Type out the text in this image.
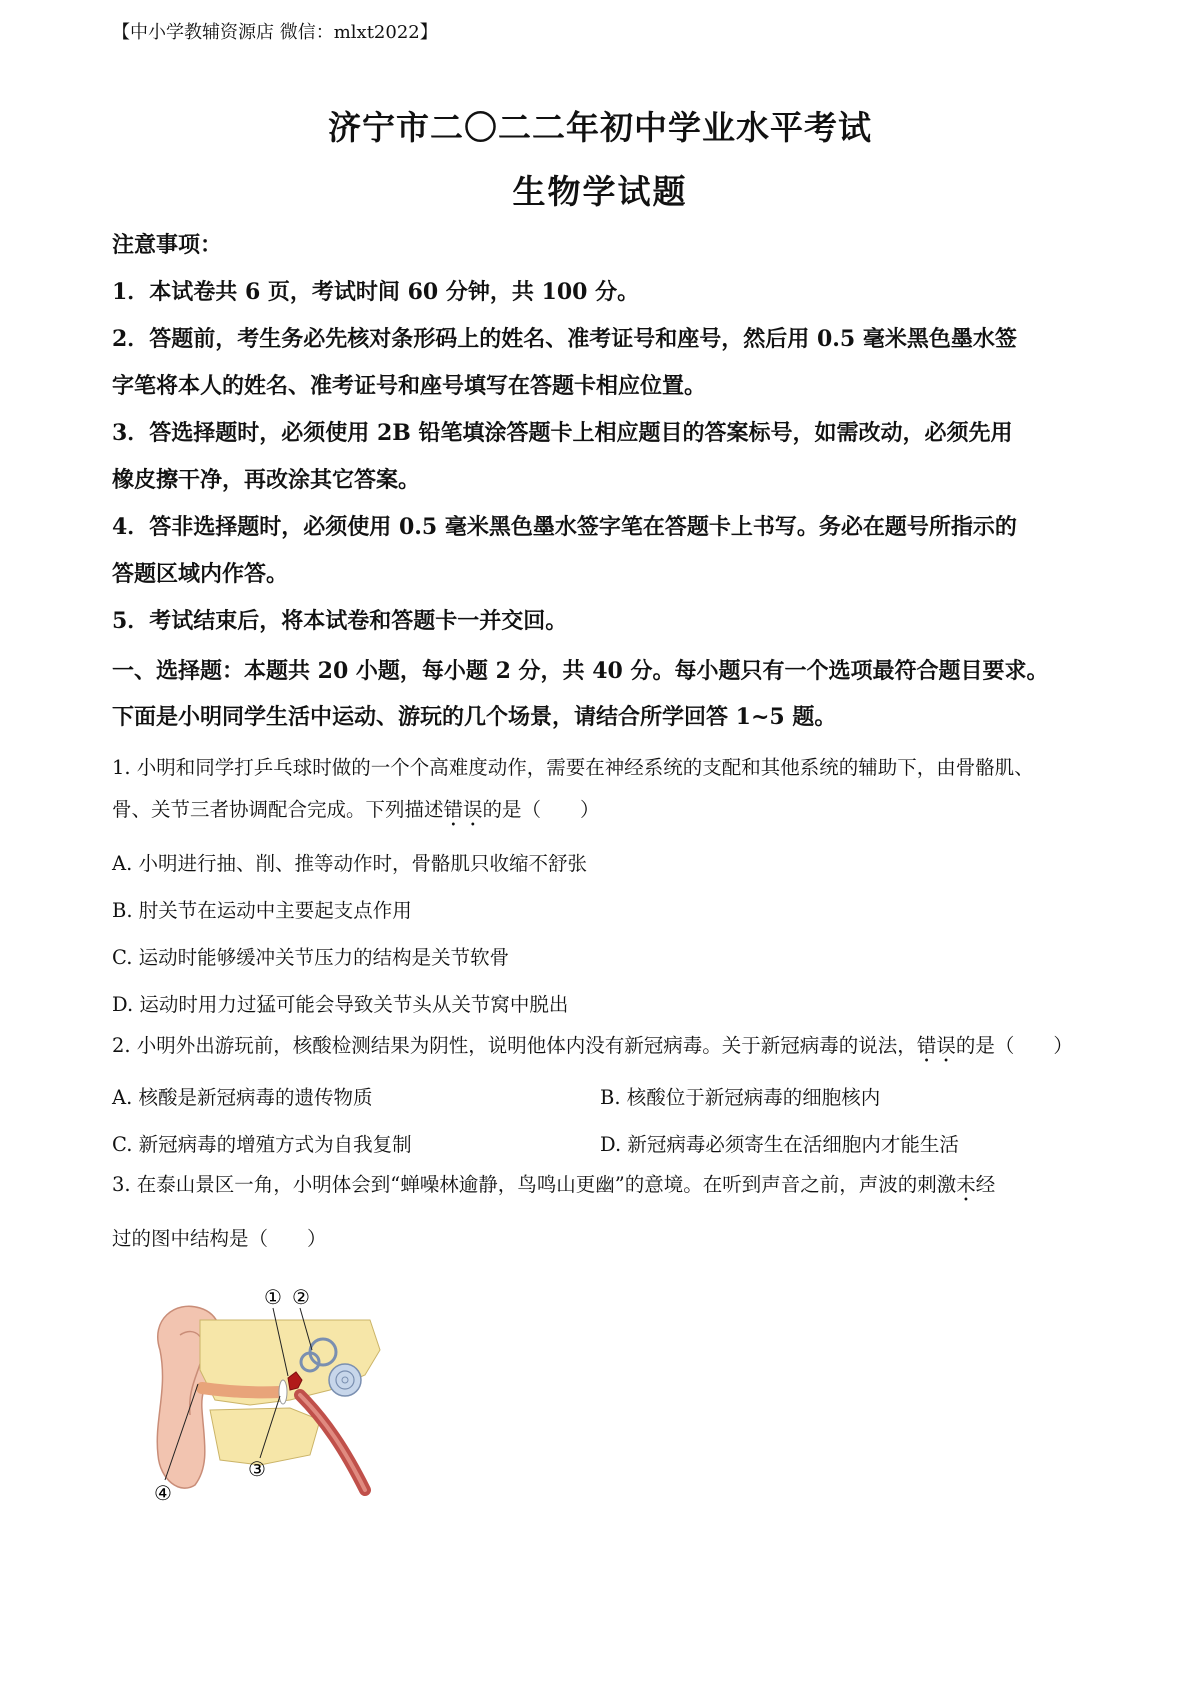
【中小学教辅资源店 微信：mlxt2022】
济宁市二〇二二年初中学业水平考试
生物学试题

注意事项：

1．本试卷共 6 页，考试时间 60 分钟，共 100 分。

2．答题前，考生务必先核对条形码上的姓名、准考证号和座号，然后用 0.5 毫米黑色墨水签

字笔将本人的姓名、准考证号和座号填写在答题卡相应位置。

3．答选择题时，必须使用 2B 铅笔填涂答题卡上相应题目的答案标号，如需改动，必须先用

橡皮擦干净，再改涂其它答案。

4．答非选择题时，必须使用 0.5 毫米黑色墨水签字笔在答题卡上书写。务必在题号所指示的

答题区域内作答。

5．考试结束后，将本试卷和答题卡一并交回。

一、选择题：本题共 20 小题，每小题 2 分，共 40 分。每小题只有一个选项最符合题目要求。

下面是小明同学生活中运动、游玩的几个场景，请结合所学回答 1~5 题。

1. 小明和同学打乒乓球时做的一个个高难度动作，需要在神经系统的支配和其他系统的辅助下，由骨骼肌、

骨、关节三者协调配合完成。下列描述错误的是（　　）

A. 小明进行抽、削、推等动作时，骨骼肌只收缩不舒张
B. 肘关节在运动中主要起支点作用
C. 运动时能够缓冲关节压力的结构是关节软骨
D. 运动时用力过猛可能会导致关节头从关节窝中脱出

2. 小明外出游玩前，核酸检测结果为阴性，说明他体内没有新冠病毒。关于新冠病毒的说法，错误的是（　　）

A. 核酸是新冠病毒的遗传物质	B. 核酸位于新冠病毒的细胞核内
C. 新冠病毒的增殖方式为自我复制	D. 新冠病毒必须寄生在活细胞内才能生活

3. 在泰山景区一角，小明体会到“蝉噪林逾静，鸟鸣山更幽”的意境。在听到声音之前，声波的刺激未经

过的图中结构是（　　）

① ②
③
④
